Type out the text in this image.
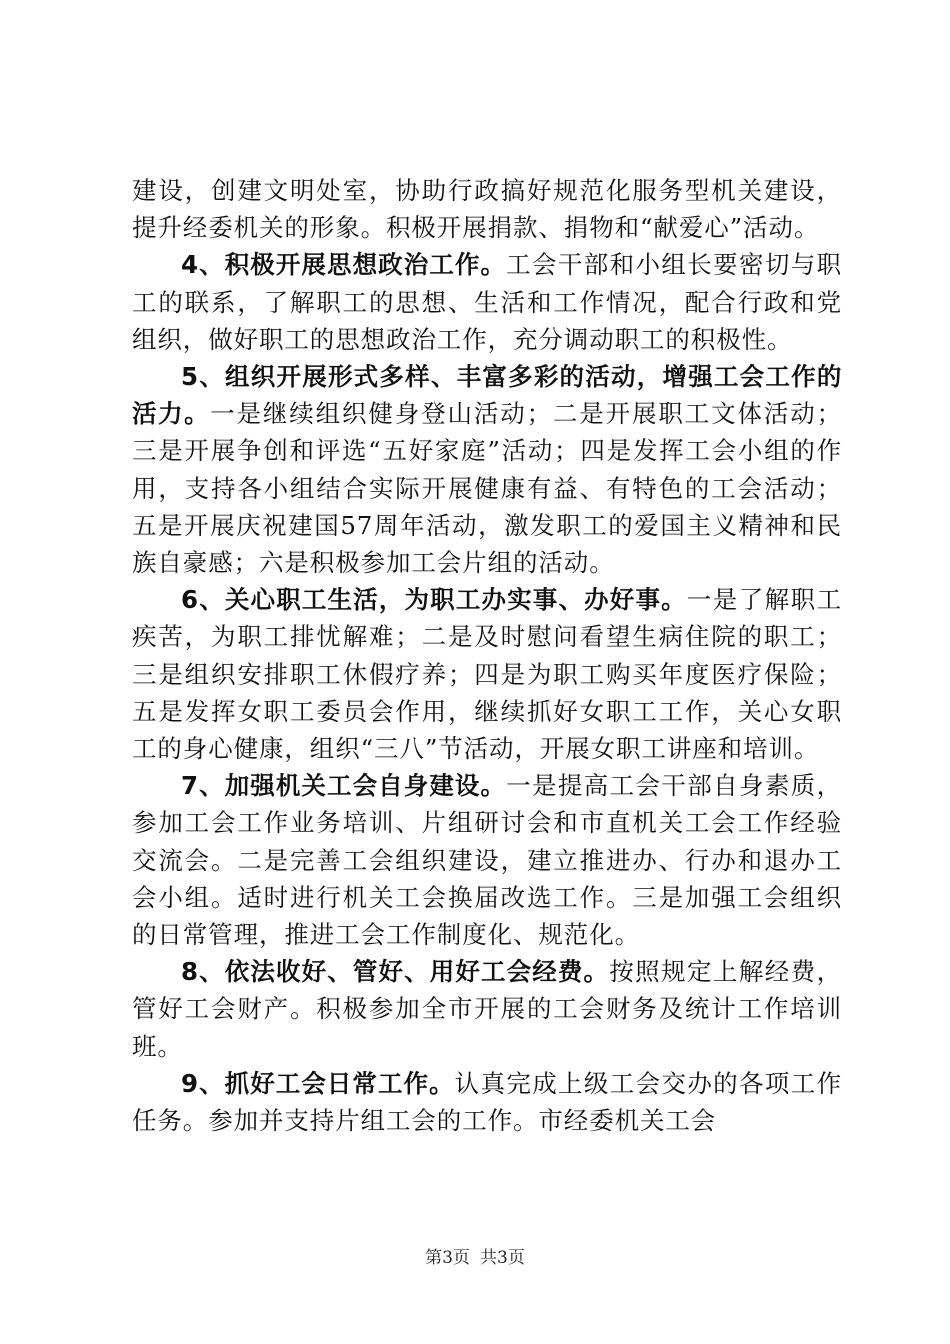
建设，创建文明处室，协助行政搞好规范化服务型机关建设，提升经委机关的形象。积极开展捐款、捐物和“献爱心”活动。

4、积极开展思想政治工作。工会干部和小组长要密切与职工的联系，了解职工的思想、生活和工作情况，配合行政和党组织，做好职工的思想政治工作，充分调动职工的积极性。

5、组织开展形式多样、丰富多彩的活动，增强工会工作的活力。一是继续组织健身登山活动；二是开展职工文体活动；三是开展争创和评选“五好家庭”活动；四是发挥工会小组的作用，支持各小组结合实际开展健康有益、有特色的工会活动；五是开展庆祝建国57周年活动，激发职工的爱国主义精神和民族自豪感；六是积极参加工会片组的活动。

6、关心职工生活，为职工办实事、办好事。一是了解职工疾苦，为职工排忧解难；二是及时慰问看望生病住院的职工；三是组织安排职工休假疗养；四是为职工购买年度医疗保险；五是发挥女职工委员会作用，继续抓好女职工工作，关心女职工的身心健康，组织“三八”节活动，开展女职工讲座和培训。

7、加强机关工会自身建设。一是提高工会干部自身素质，参加工会工作业务培训、片组研讨会和市直机关工会工作经验交流会。二是完善工会组织建设，建立推进办、行办和退办工会小组。适时进行机关工会换届改选工作。三是加强工会组织的日常管理，推进工会工作制度化、规范化。

8、依法收好、管好、用好工会经费。按照规定上解经费，管好工会财产。积极参加全市开展的工会财务及统计工作培训班。

9、抓好工会日常工作。认真完成上级工会交办的各项工作任务。参加并支持片组工会的工作。市经委机关工会

第3页 共3页
